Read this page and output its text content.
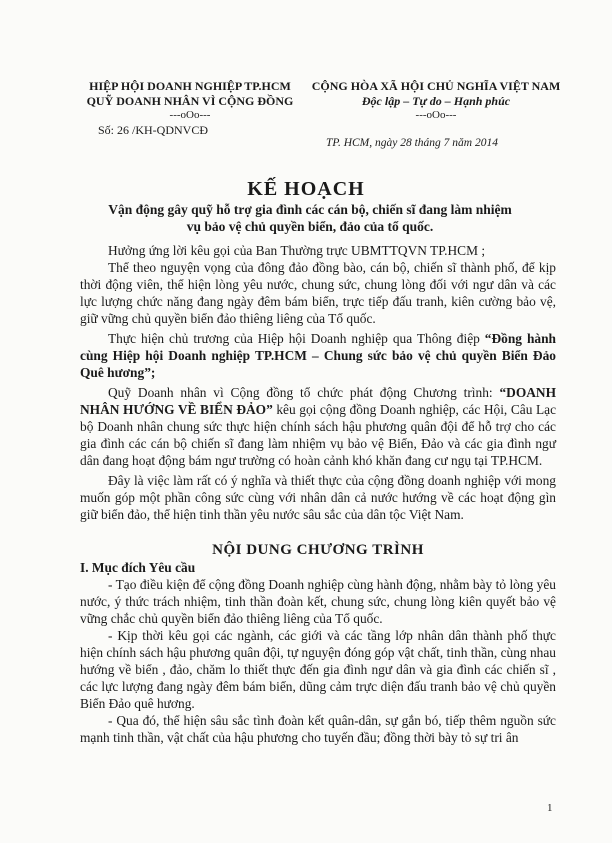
HIỆP HỘI DOANH NGHIỆP TP.HCM
QUỸ DOANH NHÂN VÌ CỘNG ĐỒNG
---oOo---
Số: 26 /KH-QDNVCĐ
CỘNG HÒA XÃ HỘI CHỦ NGHĨA VIỆT NAM
Độc lập – Tự do – Hạnh phúc
---oOo---
TP. HCM, ngày 28 tháng 7 năm 2014
KẾ HOẠCH
Vận động gây quỹ hỗ trợ gia đình các cán bộ, chiến sĩ đang làm nhiệm vụ bảo vệ chủ quyền biển, đảo của tổ quốc.

Hưởng ứng lời kêu gọi của Ban Thường trực UBMTTQVN TP.HCM ;

Thể theo nguyện vọng của đông đảo đồng bào, cán bộ, chiến sĩ thành phố, để kịp thời động viên, thể hiện lòng yêu nước, chung sức, chung lòng đối với ngư dân và các lực lượng chức năng đang ngày đêm bám biển, trực tiếp đấu tranh, kiên cường bảo vệ, giữ vững chủ quyền biển đảo thiêng liêng của Tổ quốc.

Thực hiện chủ trương của Hiệp hội Doanh nghiệp qua Thông điệp “Đồng hành cùng Hiệp hội Doanh nghiệp TP.HCM – Chung sức bảo vệ chủ quyền Biển Đảo Quê hương”;

Quỹ Doanh nhân vì Cộng đồng tổ chức phát động Chương trình: “DOANH NHÂN HƯỚNG VỀ BIỂN ĐẢO” kêu gọi cộng đồng Doanh nghiệp, các Hội, Câu Lạc bộ Doanh nhân chung sức thực hiện chính sách hậu phương quân đội để hỗ trợ cho các gia đình các cán bộ chiến sĩ đang làm nhiệm vụ bảo vệ Biển, Đảo và các gia đình ngư dân đang hoạt động bám ngư trường có hoàn cảnh khó khăn đang cư ngụ tại TP.HCM.

Đây là việc làm rất có ý nghĩa và thiết thực của cộng đồng doanh nghiệp với mong muốn góp một phần công sức cùng với nhân dân cả nước hướng về các hoạt động gìn giữ biển đảo, thể hiện tinh thần yêu nước sâu sắc của dân tộc Việt Nam.

NỘI DUNG CHƯƠNG TRÌNH
I. Mục đích Yêu cầu

- Tạo điều kiện để cộng đồng Doanh nghiệp cùng hành động, nhằm bày tỏ lòng yêu nước, ý thức trách nhiệm, tinh thần đoàn kết, chung sức, chung lòng kiên quyết bảo vệ vững chắc chủ quyền biển đảo thiêng liêng của Tổ quốc.

- Kịp thời kêu gọi các ngành, các giới và các tầng lớp nhân dân thành phố thực hiện chính sách hậu phương quân đội, tự nguyện đóng góp vật chất, tinh thần, cùng nhau hướng về biển , đảo, chăm lo thiết thực đến gia đình ngư dân và gia đình các chiến sĩ , các lực lượng đang ngày đêm bám biển, dũng cảm trực diện đấu tranh bảo vệ chủ quyền Biển Đảo quê hương.

- Qua đó, thể hiện sâu sắc tình đoàn kết quân-dân, sự gắn bó, tiếp thêm nguồn sức mạnh tinh thần, vật chất của hậu phương cho tuyến đầu; đồng thời bày tỏ sự tri ân

1
